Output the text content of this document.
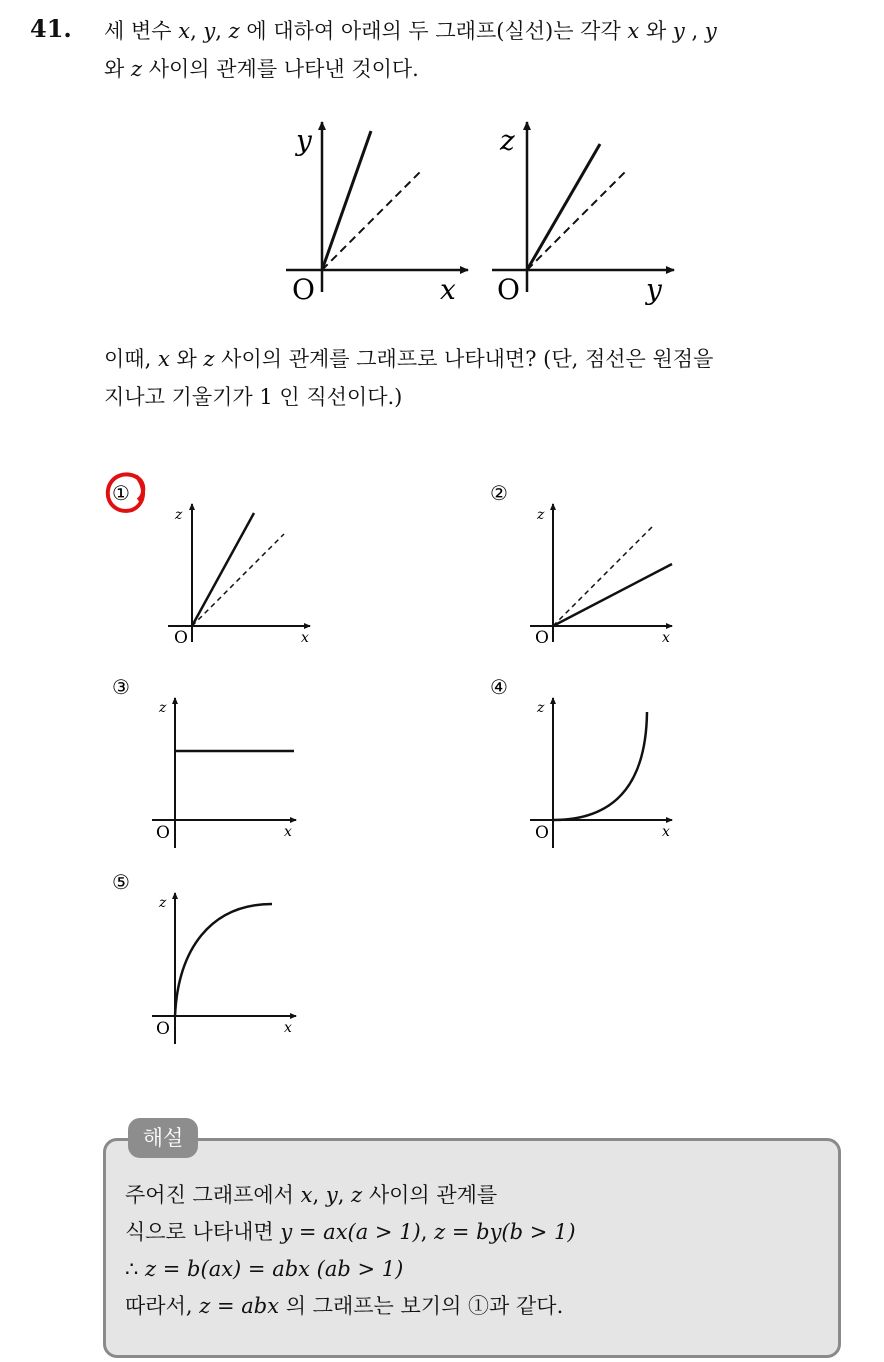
41. 세 변수 x, y, z 에 대하여 아래의 두 그래프(실선)는 각각 x 와 y , y
와 z 사이의 관계를 나타낸 것이다.
y
x
O
z
y
O
①
z
x
O
②
z
x
O
③
z
x
O
④
z
x
O
⑤
z
x
O
이때, x 와 z 사이의 관계를 그래프로 나타내면? (단, 점선은 원점을
지나고 기울기가 1 인 직선이다.)
해설
주어진 그래프에서 x, y, z 사이의 관계를
식으로 나타내면 y = ax(a > 1), z = by(b > 1)
∴ z = b(ax) = abx (ab > 1)
따라서, z = abx 의 그래프는 보기의 ①과 같다.
